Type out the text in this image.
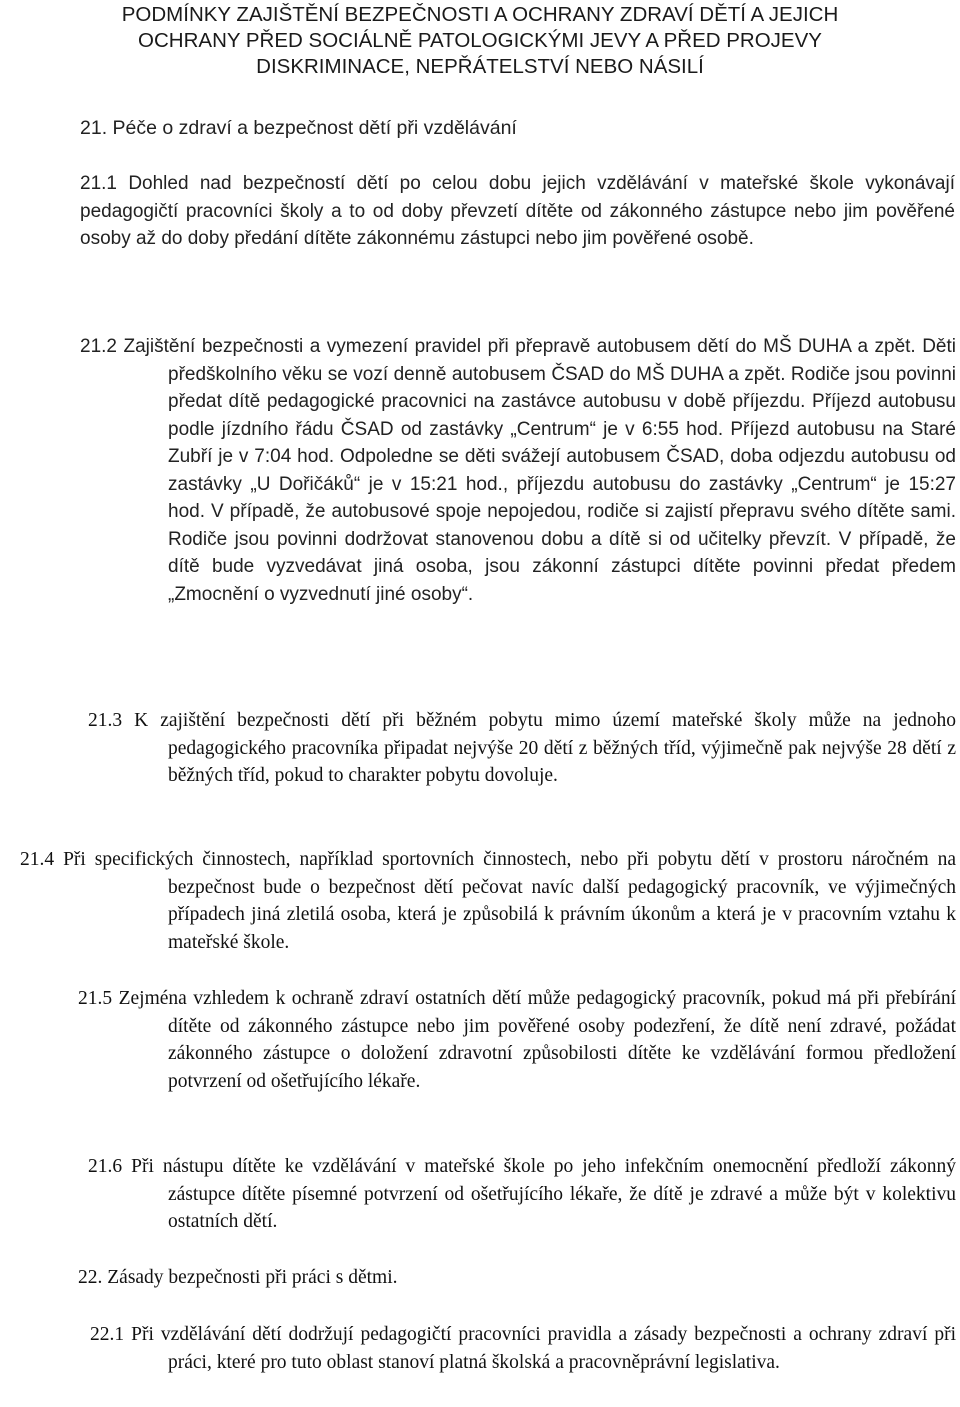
PODMÍNKY ZAJIŠTĚNÍ BEZPEČNOSTI A OCHRANY ZDRAVÍ DĚTÍ A JEJICH
OCHRANY PŘED SOCIÁLNĚ PATOLOGICKÝMI JEVY A PŘED PROJEVY
DISKRIMINACE, NEPŘÁTELSTVÍ NEBO NÁSILÍ
21. Péče o zdraví a bezpečnost dětí při vzdělávání

21.1 Dohled nad bezpečností dětí po celou dobu jejich vzdělávání v mateřské škole vykonávají pedagogičtí pracovníci školy a to od doby převzetí dítěte od zákonného zástupce nebo jim pověřené osoby až do doby předání dítěte zákonnému zástupci nebo jim pověřené osobě.

21.2 Zajištění bezpečnosti a vymezení pravidel při přepravě autobusem dětí do MŠ DUHA a zpět. Děti předškolního věku se vozí denně autobusem ČSAD do MŠ DUHA a zpět. Rodiče jsou povinni předat dítě pedagogické pracovnici na zastávce autobusu v době příjezdu. Příjezd autobusu podle jízdního řádu ČSAD od zastávky „Centrum“ je v 6:55 hod. Příjezd autobusu na Staré Zubří je v 7:04 hod. Odpoledne se děti svážejí autobusem ČSAD, doba odjezdu autobusu od zastávky „U Dořičáků“ je v 15:21 hod., příjezdu autobusu do zastávky „Centrum“ je 15:27 hod. V případě, že autobusové spoje nepojedou, rodiče si zajistí přepravu svého dítěte sami. Rodiče jsou povinni dodržovat stanovenou dobu a dítě si od učitelky převzít. V případě, že dítě bude vyzvedávat jiná osoba, jsou zákonní zástupci dítěte povinni předat předem „Zmocnění o vyzvednutí jiné osoby“.

21.3 K zajištění bezpečnosti dětí při běžném pobytu mimo území mateřské školy může na jednoho pedagogického pracovníka připadat nejvýše 20 dětí z běžných tříd, výjimečně pak nejvýše 28 dětí z běžných tříd, pokud to charakter pobytu dovoluje.

21.4 Při specifických činnostech, například sportovních činnostech, nebo při pobytu dětí v prostoru náročném na bezpečnost bude o bezpečnost dětí pečovat navíc další pedagogický pracovník, ve výjimečných případech jiná zletilá osoba, která je způsobilá k právním úkonům a která je v pracovním vztahu k mateřské škole.

21.5 Zejména vzhledem k ochraně zdraví ostatních dětí může pedagogický pracovník, pokud má při přebírání dítěte od zákonného zástupce nebo jim pověřené osoby podezření, že dítě není zdravé, požádat zákonného zástupce o doložení zdravotní způsobilosti dítěte ke vzdělávání formou předložení potvrzení od ošetřujícího lékaře.

21.6 Při nástupu dítěte ke vzdělávání v mateřské škole po jeho infekčním onemocnění předloží zákonný zástupce dítěte písemné potvrzení od ošetřujícího lékaře, že dítě je zdravé a může být v kolektivu ostatních dětí.

22. Zásady bezpečnosti při práci s dětmi.

22.1 Při vzdělávání dětí dodržují pedagogičtí pracovníci pravidla a zásady bezpečnosti a ochrany zdraví při práci, které pro tuto oblast stanoví platná školská a pracovněprávní legislativa.
